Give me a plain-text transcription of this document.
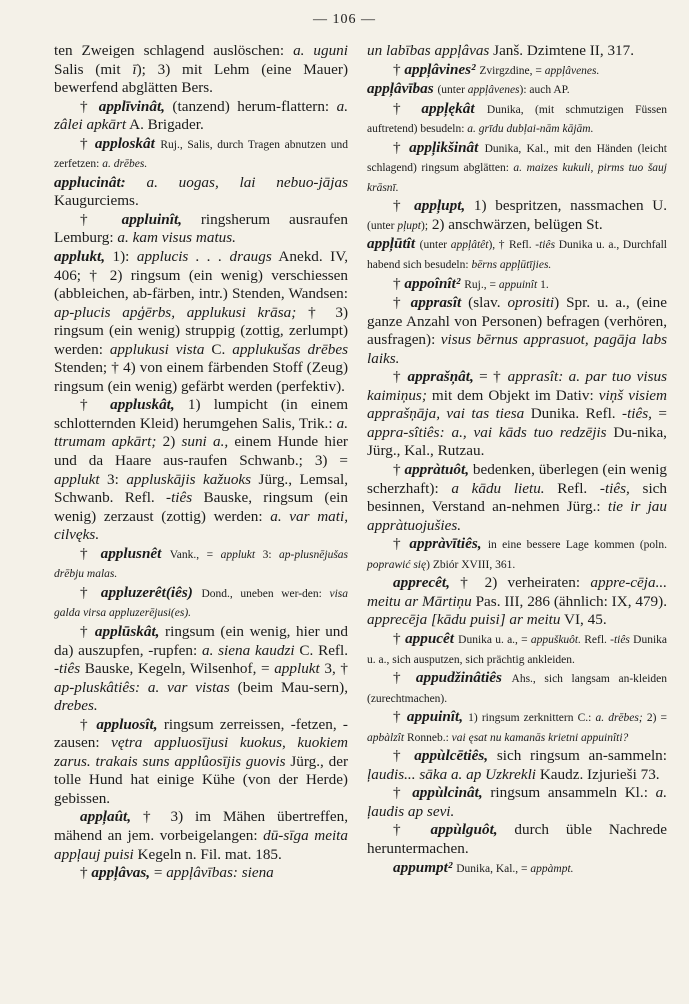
— 106 —

ten Zweigen schlagend auslöschen: a. uguni Salis (mit ī); 3) mit Lehm (eine Mauer) bewerfend abglätten Bers.

† applīvinât, (tanzend) herum-flattern: a. zâlei apkārt A. Brigader.

† apploskât Ruj., Salis, durch Tragen abnutzen und zerfetzen: a. drēbes.

applucinât: a. uogas, lai nebuo-jājas Kaugurciems.

† appluinît, ringsherum ausraufen Lemburg: a. kam visus matus.

applukt, 1): applucis . . . draugs Anekd. IV, 406; † 2) ringsum (ein wenig) verschiessen (abbleichen, ab-färben, intr.) Stenden, Wandsen: ap-plucis apģērbs, applukusi krāsa; † 3) ringsum (ein wenig) struppig (zottig, zerlumpt) werden: applukusi vista C. applukušas drēbes Stenden; † 4) von einem färbenden Stoff (Zeug) ringsum (ein wenig) gefärbt werden (perfektiv).

† appluskât, 1) lumpicht (in einem schlotternden Kleid) herumgehen Salis, Trik.: a. ttrumam apkārt; 2) suni a., einem Hunde hier und da Haare aus-raufen Schwanb.; 3) = applukt 3: appluskājis kažuoks Jürg., Lemsal, Schwanb. Refl. -tiês Bauske, ringsum (ein wenig) zerzaust (zottig) werden: a. var mati, cilvęks.

† applusnêt Vank., = applukt 3: ap-plusnējušas drēbju malas.

† appluzerêt(iês) Dond., uneben wer-den: visa galda virsa appluzerējusi(es).

† applūskât, ringsum (ein wenig, hier und da) auszupfen, -rupfen: a. siena kaudzi C. Refl. -tiês Bauske, Kegeln, Wilsenhof, = applukt 3, † ap-pluskâtiês: a. var vistas (beim Mau-sern), drebes.

† appluosît, ringsum zerreissen, -fetzen, -zausen: vętra appluosījusi kuokus, kuokiem zarus. trakais suns applûosījis guovis Jürg., der tolle Hund hat einige Kühe (von der Herde) gebissen.

appļaût, † 3) im Mähen übertreffen, mähend an jem. vorbeigelangen: dū-sīga meita appļauj puisi Kegeln n. Fil. mat. 185.

† appļâvas, = appļâvības: siena

un labības appļâvas Janš. Dzimtene II, 317.

† appļâvines² Zvirgzdine, = appļâvenes.

appļâvības (unter appļâvenes): auch AP.

† appļękât Dunika, (mit schmutzigen Füssen auftretend) besudeln: a. grīdu dubļai-nām kājām.

† appļikšinât Dunika, Kal., mit den Händen (leicht schlagend) ringsum abglätten: a. maizes kukuli, pirms tuo šauj krāsnī.

† appļupt, 1) bespritzen, nassmachen U. (unter pļupt); 2) anschwärzen, belügen St.

appļūtît (unter appļâtêt), † Refl. -tiês Dunika u. a., Durchfall habend sich besudeln: bērns appļūtījies.

† appoînît² Ruj., = appuinît 1.

† apprasît (slav. oprositi) Spr. u. a., (eine ganze Anzahl von Personen) befragen (verhören, ausfragen): visus bērnus apprasuot, pagāja labs laiks.

† apprašņât, = † apprasît: a. par tuo visus kaimiņus; mit dem Objekt im Dativ: viņš visiem apprašņāja, vai tas tiesa Dunika. Refl. -tiês, = appra-sîtiês: a., vai kāds tuo redzējis Du-nika, Jürg., Kal., Rutzau.

† appràtuôt, bedenken, überlegen (ein wenig scherzhaft): a kādu lietu. Refl. -tiês, sich besinnen, Verstand an-nehmen Jürg.: tie ir jau appràtuojušies.

† appràvītiês, in eine bessere Lage kommen (poln. poprawić się) Zbiór XVIII, 361.

apprecêt, † 2) verheiraten: appre-cēja... meitu ar Mārtiņu Pas. III, 286 (ähnlich: IX, 479). apprecēja [kādu puisi] ar meitu VI, 45.

† appucêt Dunika u. a., = appuškuôt. Refl. -tiês Dunika u. a., sich ausputzen, sich prächtig ankleiden.

† appudžinâtiês Ahs., sich langsam an-kleiden (zurechtmachen).

† appuinît, 1) ringsum zerknittern C.: a. drēbes; 2) = apbàlzît Ronneb.: vai ęsat nu kamanās krietni appuinîti?

† appùlcētiês, sich ringsum an-sammeln: ļaudis... sāka a. ap Uzkrekli Kaudz. Izjurieši 73.

† appùlcinât, ringsum ansammeln Kl.: a. ļaudis ap sevi.

† appùlguôt, durch üble Nachrede heruntermachen.

appumpt² Dunika, Kal., = appàmpt.
